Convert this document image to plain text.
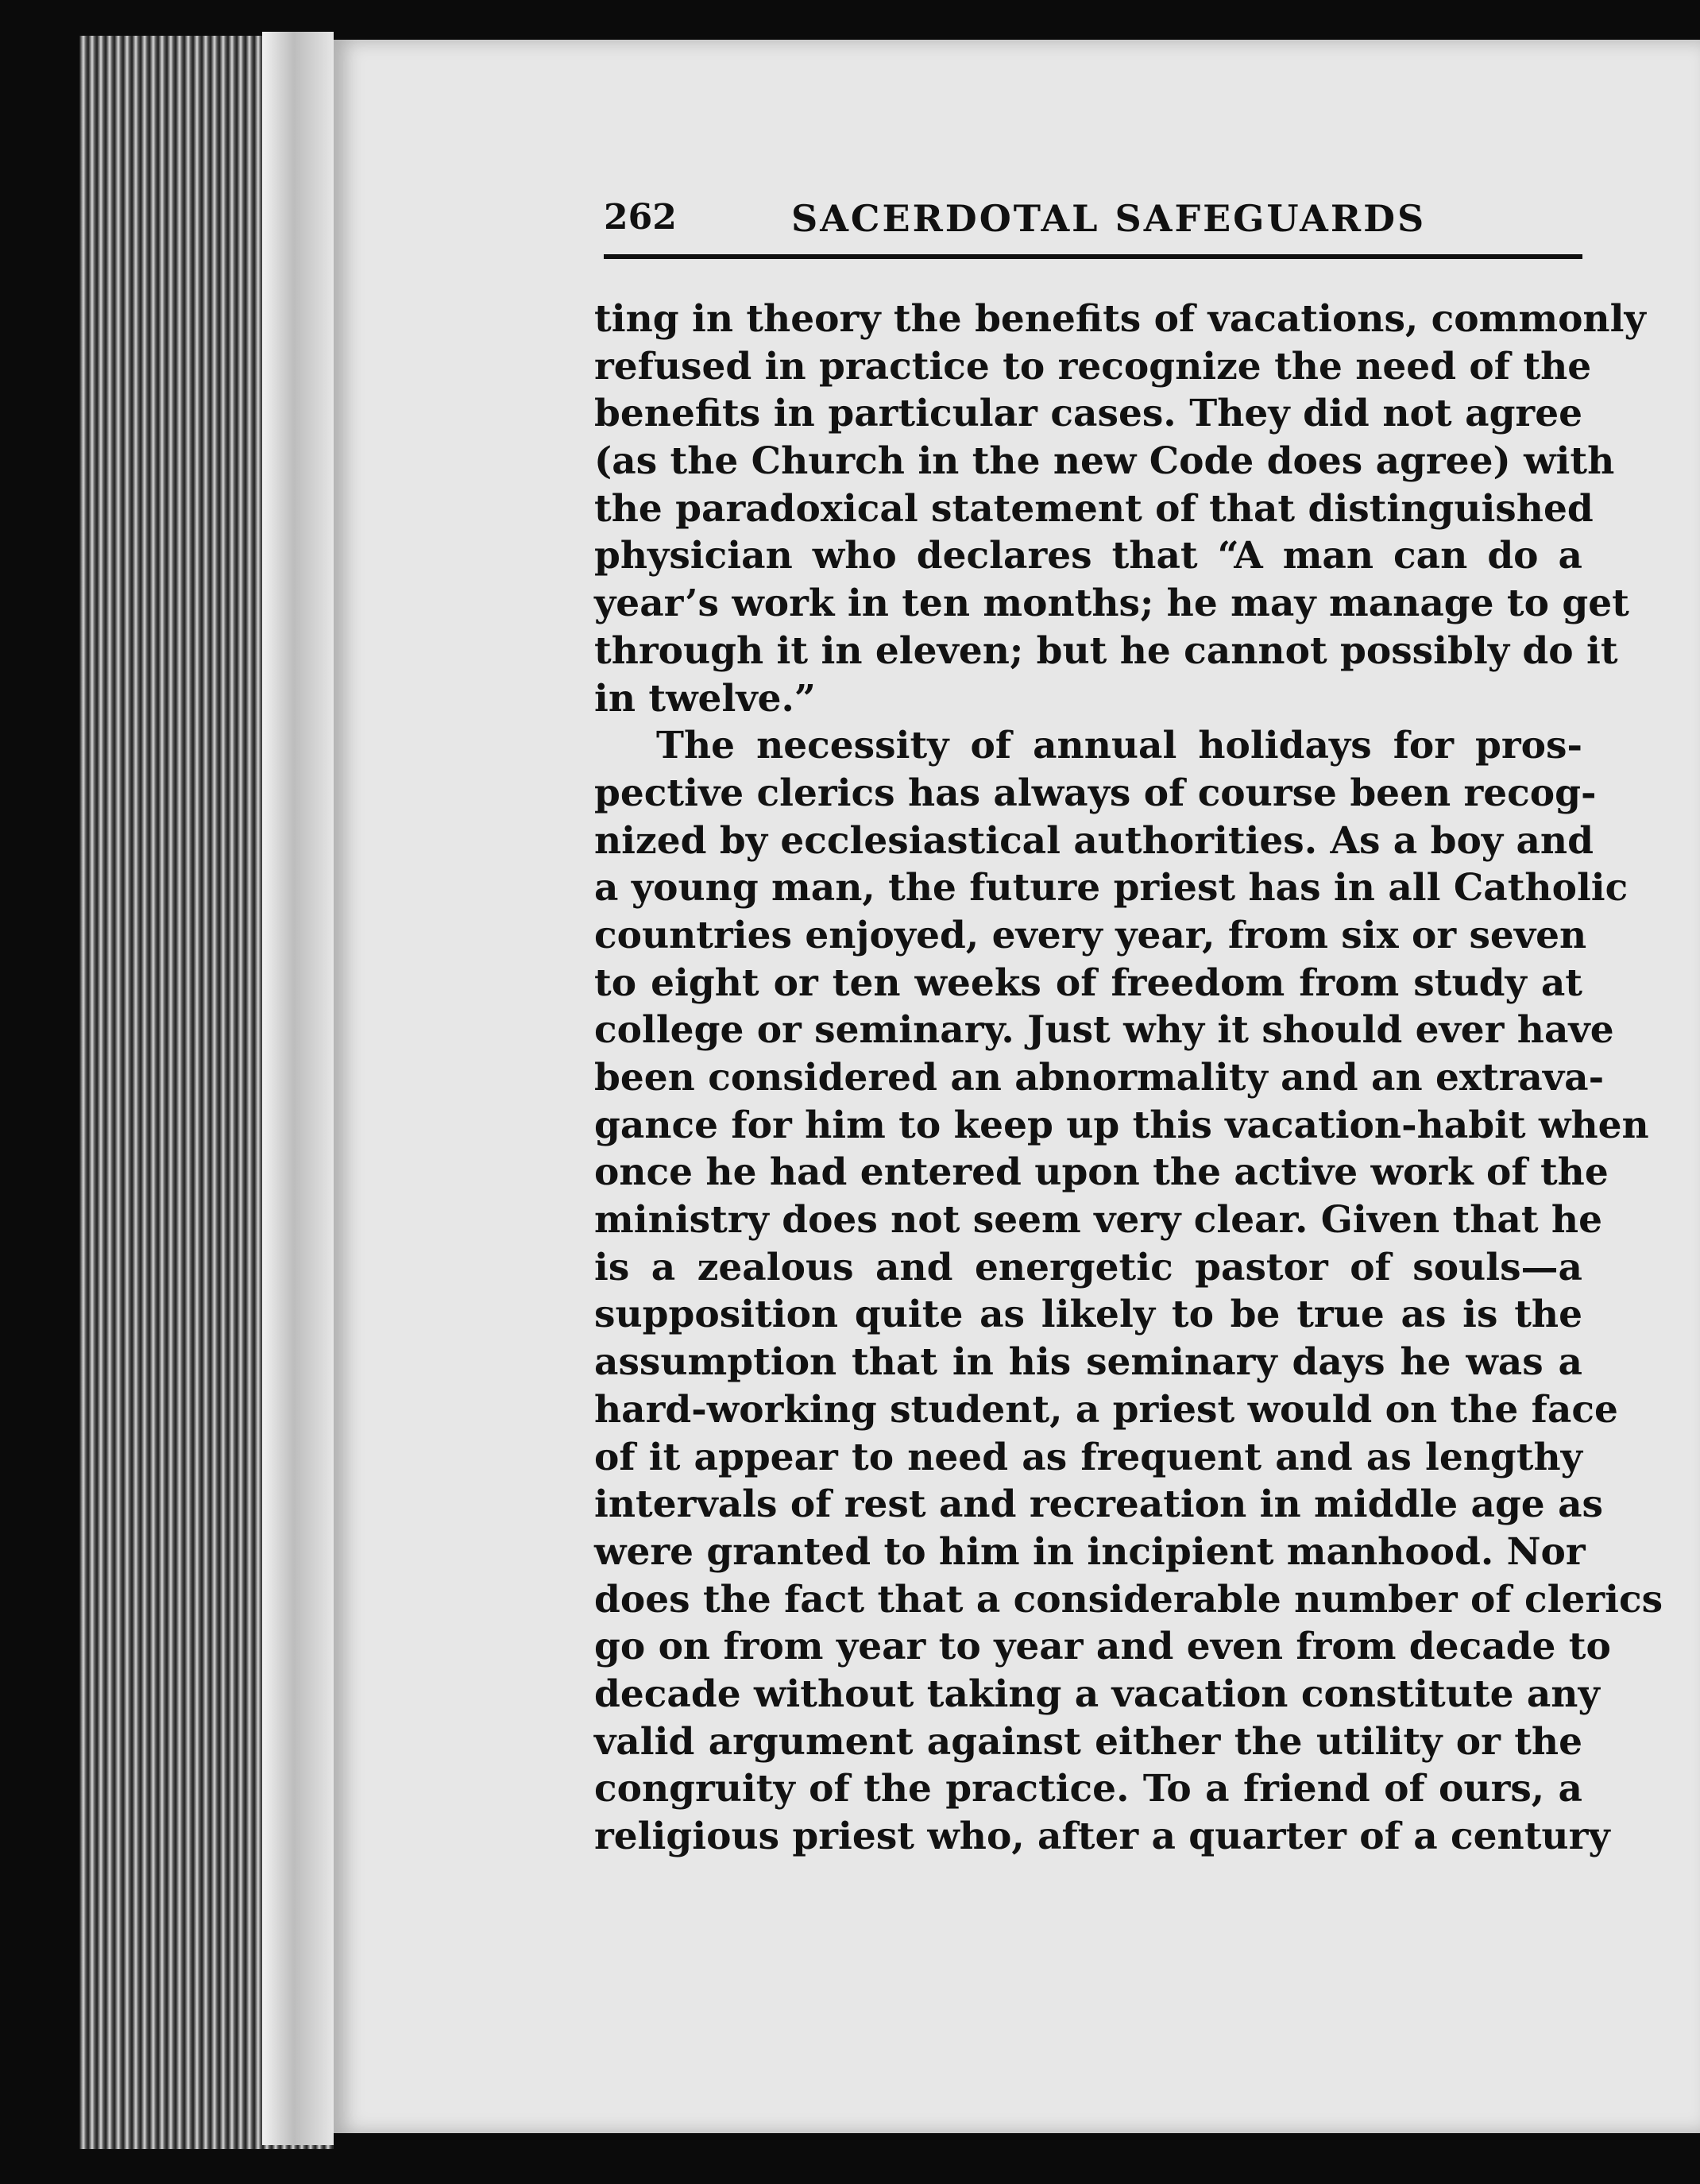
262	SACERDOTAL SAFEGUARDS
ting in theory the benefits of vacations, commonly
refused in practice to recognize the need of the
benefits in particular cases. They did not agree
(as the Church in the new Code does agree) with
the paradoxical statement of that distinguished
physician who declares that “A man can do a
year’s work in ten months; he may manage to get
through it in eleven; but he cannot possibly do it
in twelve.”
The necessity of annual holidays for pros-
pective clerics has always of course been recog-
nized by ecclesiastical authorities. As a boy and
a young man, the future priest has in all Catholic
countries enjoyed, every year, from six or seven
to eight or ten weeks of freedom from study at
college or seminary. Just why it should ever have
been considered an abnormality and an extrava-
gance for him to keep up this vacation-habit when
once he had entered upon the active work of the
ministry does not seem very clear. Given that he
is a zealous and energetic pastor of souls—a
supposition quite as likely to be true as is the
assumption that in his seminary days he was a
hard-working student, a priest would on the face
of it appear to need as frequent and as lengthy
intervals of rest and recreation in middle age as
were granted to him in incipient manhood. Nor
does the fact that a considerable number of clerics
go on from year to year and even from decade to
decade without taking a vacation constitute any
valid argument against either the utility or the
congruity of the practice. To a friend of ours, a
religious priest who, after a quarter of a century
